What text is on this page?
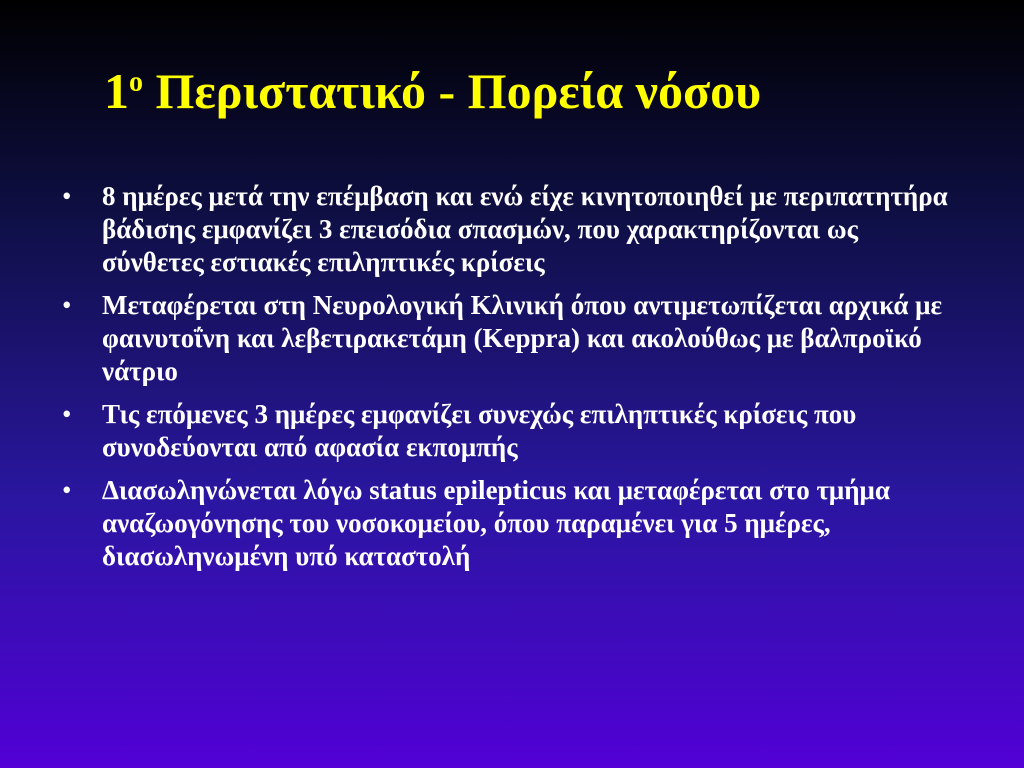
$1^o$ Περιστατικό - Πορεία νόσου
• 8 ημέρες μετά την επέμβαση και ενώ είχε κινητοποιηθεί με περιπατητήρα βάδισης εμφανίζει 3 επεισόδια σπασμών, που χαρακτηρίζονται ως σύνθετες εστιακές επιληπτικές κρίσεις
• Μεταφέρεται στη Νευρολογική Κλινική όπου αντιμετωπίζεται αρχικά με φαινυτοΐνη και λεβετιρακετάμη (Keppra) και ακολούθως με βαλπροϊκό νάτριο
• Τις επόμενες 3 ημέρες εμφανίζει συνεχώς επιληπτικές κρίσεις που συνοδεύονται από αφασία εκπομπής
• Διασωληνώνεται λόγω status epilepticus και μεταφέρεται στο τμήμα αναζωογόνησης του νοσοκομείου, όπου παραμένει για 5 ημέρες, διασωληνωμένη υπό καταστολή
